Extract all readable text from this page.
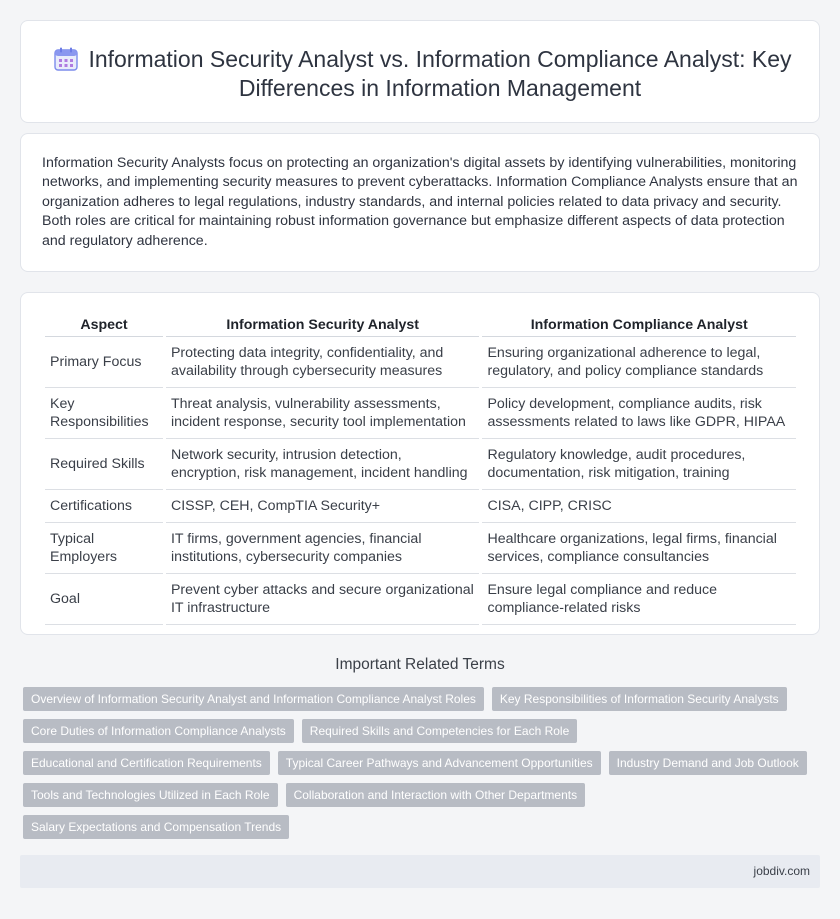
Information Security Analyst vs. Information Compliance Analyst: Key Differences in Information Management

Information Security Analysts focus on protecting an organization's digital assets by identifying vulnerabilities, monitoring networks, and implementing security measures to prevent cyberattacks. Information Compliance Analysts ensure that an organization adheres to legal regulations, industry standards, and internal policies related to data privacy and security. Both roles are critical for maintaining robust information governance but emphasize different aspects of data protection and regulatory adherence.

Aspect	Information Security Analyst	Information Compliance Analyst
Primary Focus	Protecting data integrity, confidentiality, and availability through cybersecurity measures	Ensuring organizational adherence to legal, regulatory, and policy compliance standards
Key Responsibilities	Threat analysis, vulnerability assessments, incident response, security tool implementation	Policy development, compliance audits, risk assessments related to laws like GDPR, HIPAA
Required Skills	Network security, intrusion detection, encryption, risk management, incident handling	Regulatory knowledge, audit procedures, documentation, risk mitigation, training
Certifications	CISSP, CEH, CompTIA Security+	CISA, CIPP, CRISC
Typical Employers	IT firms, government agencies, financial institutions, cybersecurity companies	Healthcare organizations, legal firms, financial services, compliance consultancies
Goal	Prevent cyber attacks and secure organizational IT infrastructure	Ensure legal compliance and reduce compliance-related risks
Important Related Terms
Overview of Information Security Analyst and Information Compliance Analyst Roles	Key Responsibilities of Information Security Analysts
Core Duties of Information Compliance Analysts	Required Skills and Competencies for Each Role
Educational and Certification Requirements	Typical Career Pathways and Advancement Opportunities	Industry Demand and Job Outlook
Tools and Technologies Utilized in Each Role	Collaboration and Interaction with Other Departments
Salary Expectations and Compensation Trends
jobdiv.com
